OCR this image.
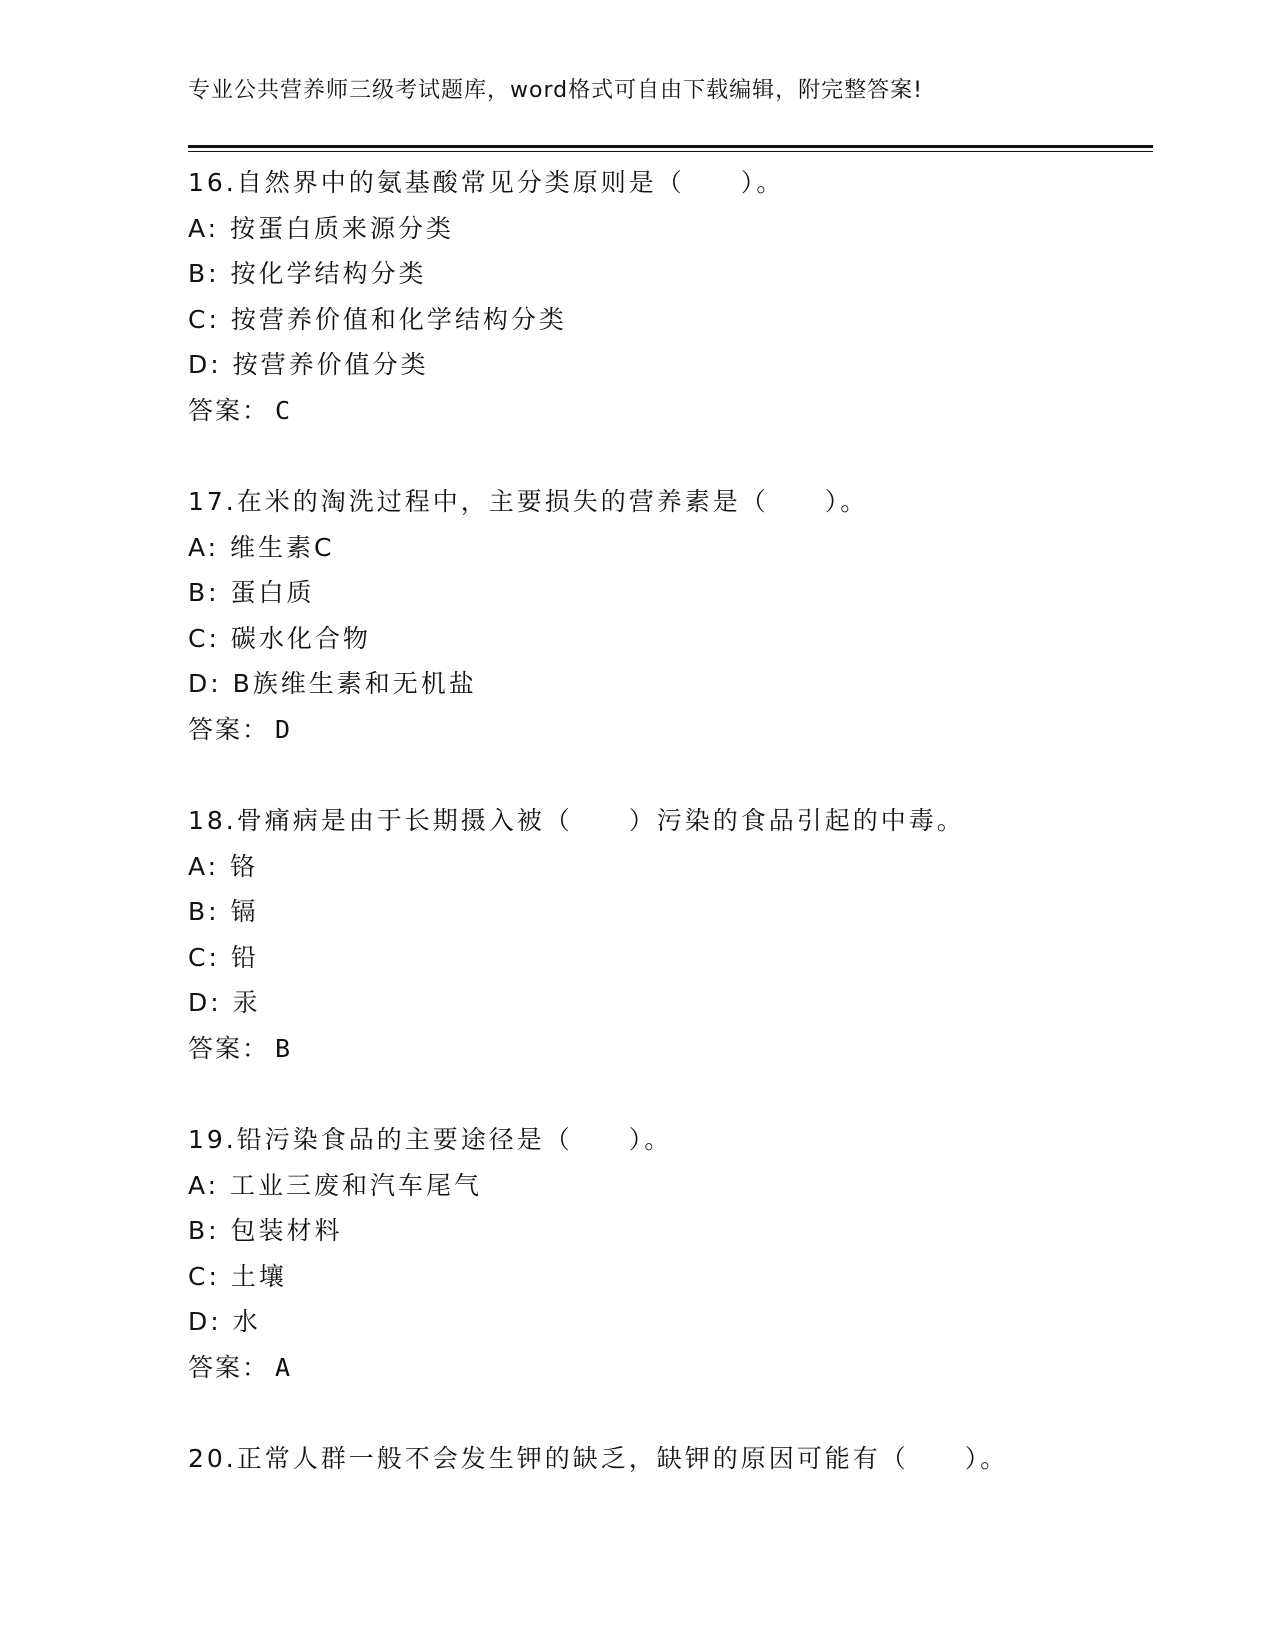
专业公共营养师三级考试题库，word格式可自由下载编辑，附完整答案!
16.自然界中的氨基酸常见分类原则是（　　）。
A: 按蛋白质来源分类
B: 按化学结构分类
C: 按营养价值和化学结构分类
D: 按营养价值分类
答案： C
17.在米的淘洗过程中，主要损失的营养素是（　　）。
A: 维生素C
B: 蛋白质
C: 碳水化合物
D: B族维生素和无机盐
答案： D
18.骨痛病是由于长期摄入被（　　）污染的食品引起的中毒。
A: 铬
B: 镉
C: 铅
D: 汞
答案： B
19.铅污染食品的主要途径是（　　）。
A: 工业三废和汽车尾气
B: 包装材料
C: 土壤
D: 水
答案： A
20.正常人群一般不会发生钾的缺乏，缺钾的原因可能有（　　）。
